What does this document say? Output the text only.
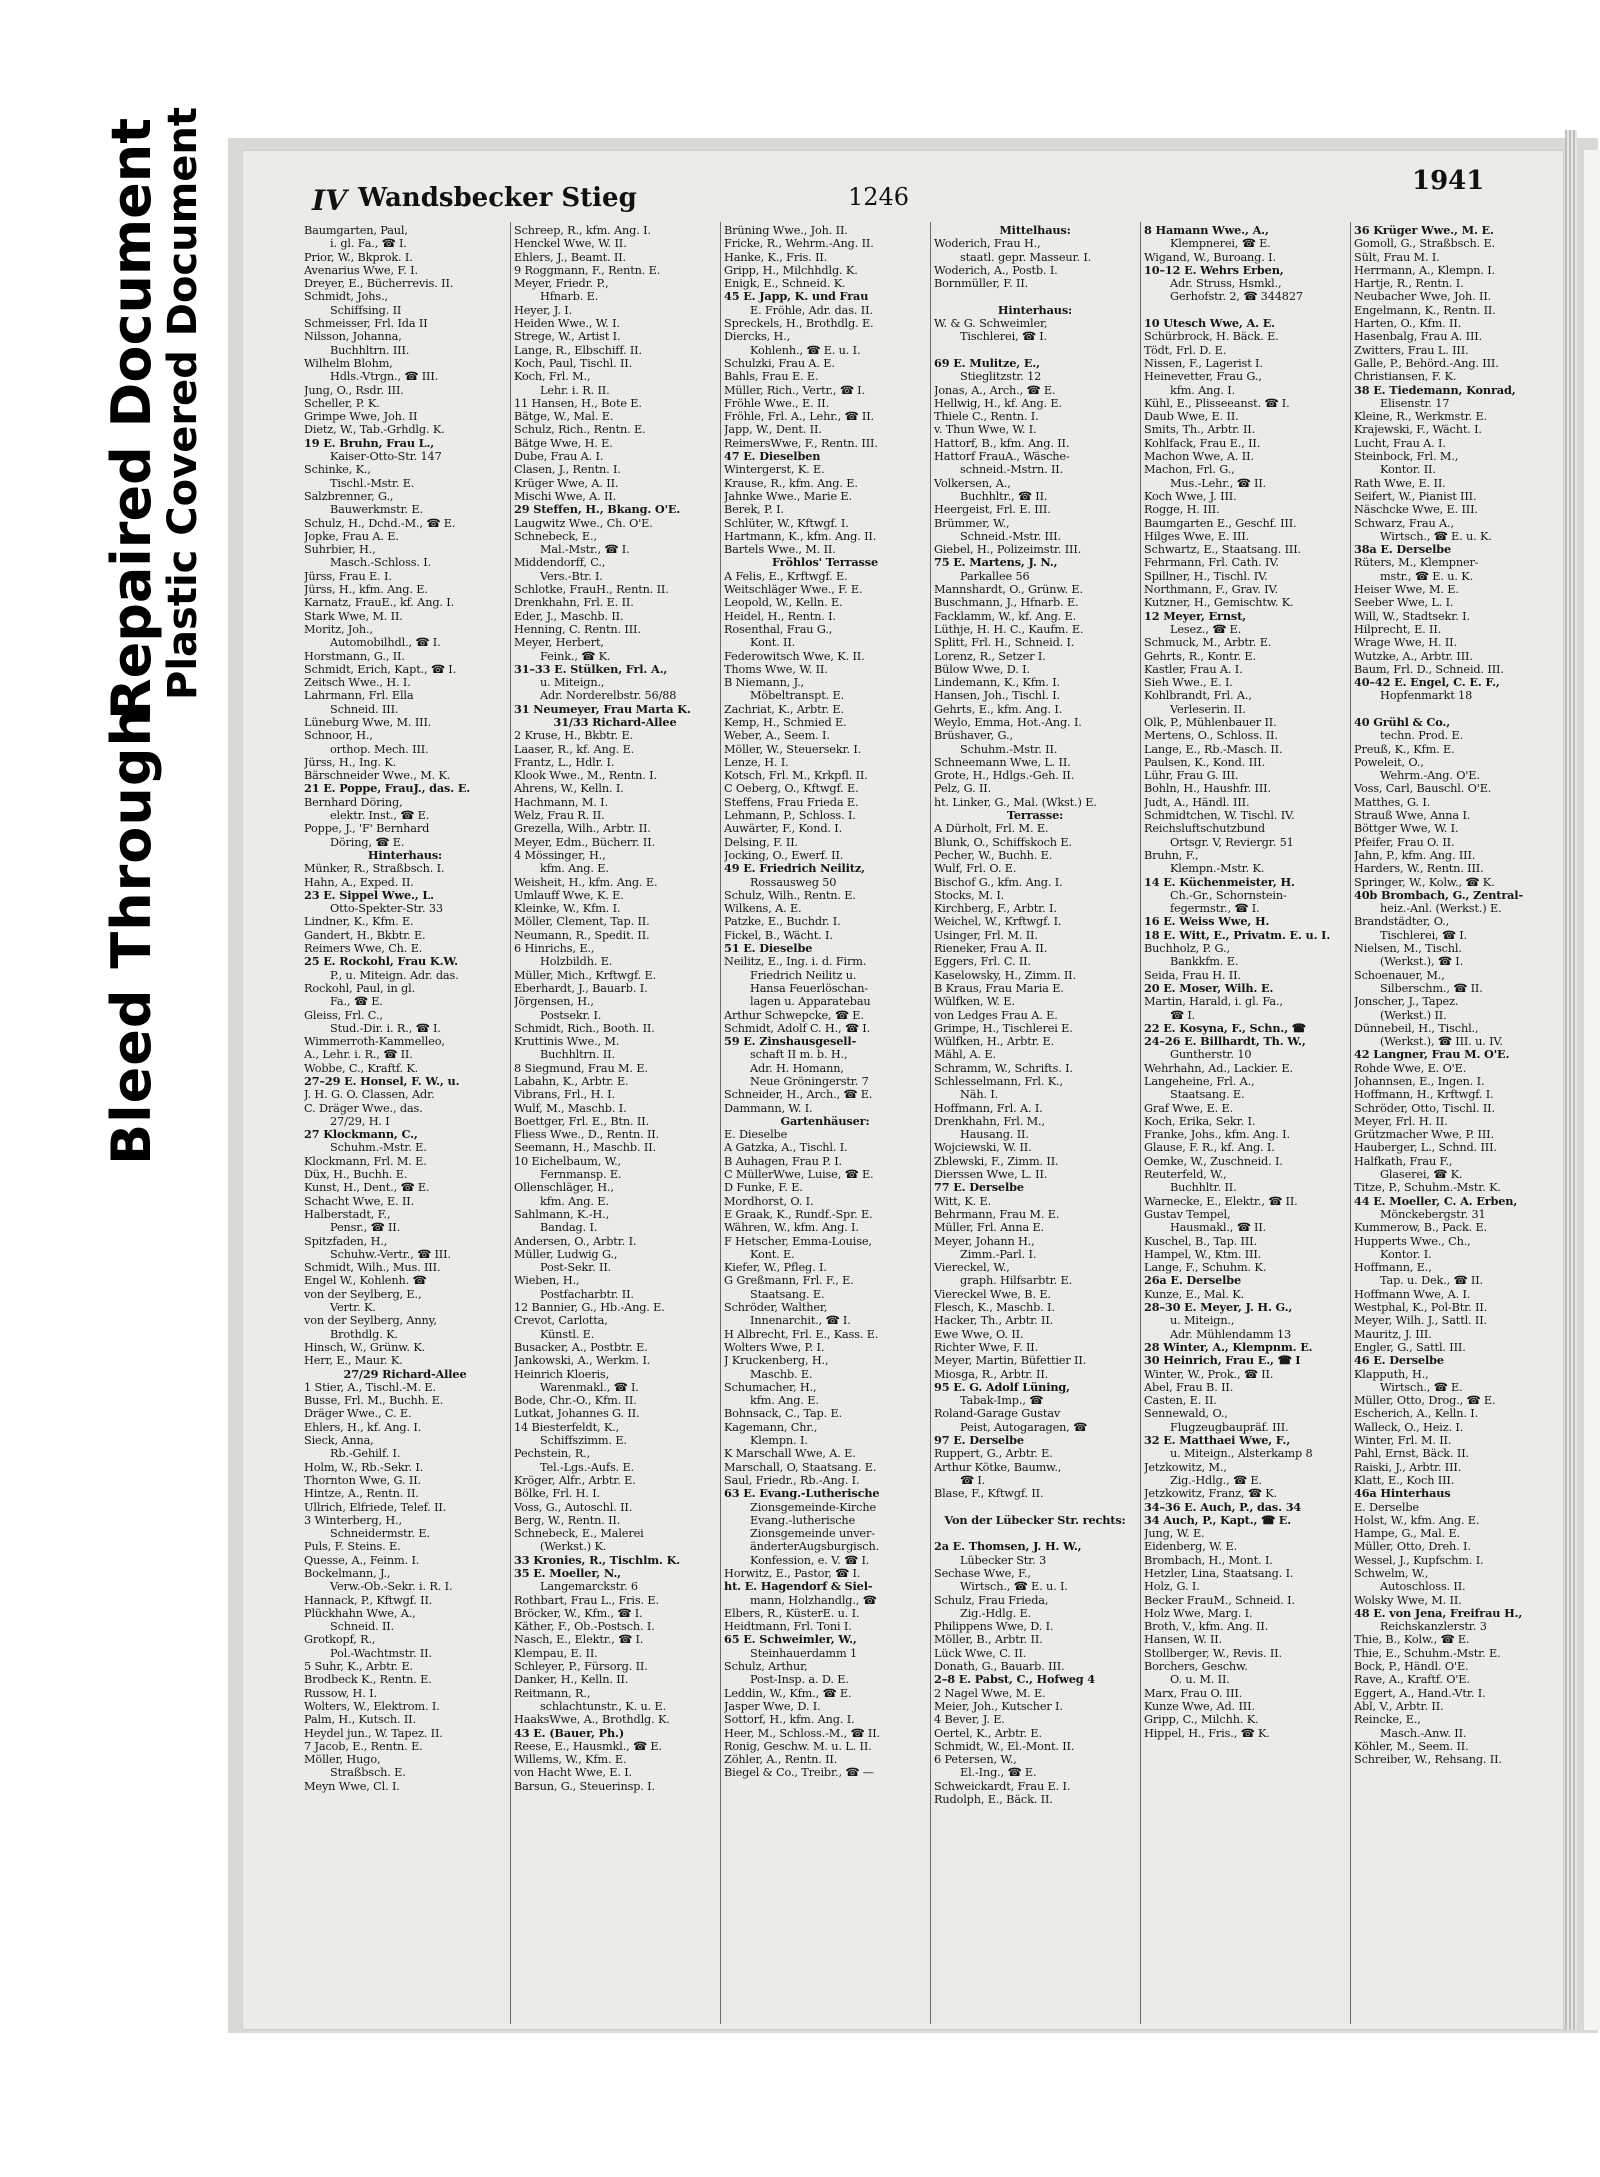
Bleed Through
Repaired Document
Plastic Covered Document	IV Wandsbecker Stieg	1246
1941
Baumgarten, Paul,
i. gl. Fa., ☎ I.
Prior, W., Bkprok. I.
Avenarius Wwe, F. I.
Dreyer, E., Bücherrevis. II.
Schmidt, Johs.,
Schiffsing. II
Schmeisser, Frl. Ida II
Nilsson, Johanna,
Buchhltrn. III.
Wilhelm Blohm,
Hdls.-Vtrgn., ☎ III.
Jung, O., Rsdr. III.
Scheller, P. K.
Grimpe Wwe, Joh. II
Dietz, W., Tab.-Grhdlg. K.
19 E. Bruhn, Frau L.,
Kaiser-Otto-Str. 147
Schinke, K.,
Tischl.-Mstr. E.
Salzbrenner, G.,
Bauwerkmstr. E.
Schulz, H., Dchd.-M., ☎ E.
Jopke, Frau A. E.
Suhrbier, H.,
Masch.-Schloss. I.
Jürss, Frau E. I.
Jürss, H., kfm. Ang. E.
Karnatz, FrauE., kf. Ang. I.
Stark Wwe, M. II.
Moritz, Joh.,
Automobilhdl., ☎ I.
Horstmann, G., II.
Schmidt, Erich, Kapt., ☎ I.
Zeitsch Wwe., H. I.
Lahrmann, Frl. Ella
Schneid. III.
Lüneburg Wwe, M. III.
Schnoor, H.,
orthop. Mech. III.
Jürss, H., Ing. K.
Bärschneider Wwe., M. K.
21 E. Poppe, FrauJ., das. E.
Bernhard Döring,
elektr. Inst., ☎ E.
Poppe, J., 'F' Bernhard
Döring, ☎ E.
Hinterhaus:
Münker, R., Straßbsch. I.
Hahn, A., Exped. II.
23 E. Sippel Wwe., L.
Otto-Spekter-Str. 33
Lindner, K., Kfm. E.
Gandert, H., Bkbtr. E.
Reimers Wwe, Ch. E.
25 E. Rockohl, Frau K.W.
P., u. Miteign. Adr. das.
Rockohl, Paul, in gl.
Fa., ☎ E.
Gleiss, Frl. C.,
Stud.-Dir. i. R., ☎ I.
Wimmerroth-Kammelleo,
A., Lehr. i. R., ☎ II.
Wobbe, C., Kraftf. K.
27–29 E. Honsel, F. W., u.
J. H. G. O. Classen, Adr.
C. Dräger Wwe., das.
27/29, H. I
27 Klockmann, C.,
Schuhm.-Mstr. E.
Klockmann, Frl. M. E.
Düx, H., Buchh. E.
Kunst, H., Dent., ☎ E.
Schacht Wwe, E. II.
Halberstadt, F.,
Pensr., ☎ II.
Spitzfaden, H.,
Schuhw.-Vertr., ☎ III.
Schmidt, Wilh., Mus. III.
Engel W., Kohlenh. ☎
von der Seylberg, E.,
Vertr. K.
von der Seylberg, Anny,
Brothdlg. K.
Hinsch, W., Grünw. K.
Herr, E., Maur. K.
27/29 Richard-Allee
1 Stier, A., Tischl.-M. E.
Busse, Frl. M., Buchh. E.
Dräger Wwe., C. E.
Ehlers, H., kf. Ang. I.
Sieck, Anna,
Rb.-Gehilf. I.
Holm, W., Rb.-Sekr. I.
Thornton Wwe, G. II.
Hintze, A., Rentn. II.
Ullrich, Elfriede, Telef. II.
3 Winterberg, H.,
Schneidermstr. E.
Puls, F. Steins. E.
Quesse, A., Feinm. I.
Bockelmann, J.,
Verw.-Ob.-Sekr. i. R. I.
Hannack, P., Kftwgf. II.
Plückhahn Wwe, A.,
Schneid. II.
Grotkopf, R.,
Pol.-Wachtmstr. II.
5 Suhr, K., Arbtr. E.
Brodbeck K., Rentn. E.
Russow, H. I.
Wolters, W., Elektrom. I.
Palm, H., Kutsch. II.
Heydel jun., W. Tapez. II.
7 Jacob, E., Rentn. E.
Möller, Hugo,
Straßbsch. E.
Meyn Wwe, Cl. I.
Schreep, R., kfm. Ang. I.
Henckel Wwe, W. II.
Ehlers, J., Beamt. II.
9 Roggmann, F., Rentn. E.
Meyer, Friedr. P.,
Hfnarb. E.
Heyer, J. I.
Heiden Wwe., W. I.
Strege, W., Artist I.
Lange, R., Elbschiff. II.
Koch, Paul, Tischl. II.
Koch, Frl. M.,
Lehr. i. R. II.
11 Hansen, H., Bote E.
Bätge, W., Mal. E.
Schulz, Rich., Rentn. E.
Bätge Wwe, H. E.
Dube, Frau A. I.
Clasen, J., Rentn. I.
Krüger Wwe, A. II.
Mischi Wwe, A. II.
29 Steffen, H., Bkang. O'E.
Laugwitz Wwe., Ch. O'E.
Schnebeck, E.,
Mal.-Mstr., ☎ I.
Middendorff, C.,
Vers.-Btr. I.
Schlotke, FrauH., Rentn. II.
Drenkhahn, Frl. E. II.
Eder, J., Maschb. II.
Henning, C. Rentn. III.
Meyer, Herbert,
Feink., ☎ K.
31–33 E. Stülken, Frl. A.,
u. Miteign.,
Adr. Norderelbstr. 56/88
31 Neumeyer, Frau Marta K.
31/33 Richard-Allee
2 Kruse, H., Bkbtr. E.
Laaser, R., kf. Ang. E.
Frantz, L., Hdlr. I.
Klook Wwe., M., Rentn. I.
Ahrens, W., Kelln. I.
Hachmann, M. I.
Welz, Frau R. II.
Grezella, Wilh., Arbtr. II.
Meyer, Edm., Bücherr. II.
4 Mössinger, H.,
kfm. Ang. E.
Weisheit, H., kfm. Ang. E.
Umlauff Wwe, K. E.
Kleinke, W., Kfm. I.
Möller, Clement, Tap. II.
Neumann, R., Spedit. II.
6 Hinrichs, E.,
Holzbildh. E.
Müller, Mich., Krftwgf. E.
Eberhardt, J., Bauarb. I.
Jörgensen, H.,
Postsekr. I.
Schmidt, Rich., Booth. II.
Kruttinis Wwe., M.
Buchhltrn. II.
8 Siegmund, Frau M. E.
Labahn, K., Arbtr. E.
Vibrans, Frl., H. I.
Wulf, M., Maschb. I.
Boettger, Frl. E., Btn. II.
Fliess Wwe., D., Rentn. II.
Seemann, H., Maschb. II.
10 Eichelbaum, W.,
Fernmansp. E.
Ollenschläger, H.,
kfm. Ang. E.
Sahlmann, K.-H.,
Bandag. I.
Andersen, O., Arbtr. I.
Müller, Ludwig G.,
Post-Sekr. II.
Wieben, H.,
Postfacharbtr. II.
12 Bannier, G., Hb.-Ang. E.
Crevot, Carlotta,
Künstl. E.
Busacker, A., Postbtr. E.
Jankowski, A., Werkm. I.
Heinrich Kloeris,
Warenmakl., ☎ I.
Bode, Chr.-O., Kfm. II.
Lutkat, Johannes G. II.
14 Biesterfeldt, K.,
Schiffszimm. E.
Pechstein, R.,
Tel.-Lgs.-Aufs. E.
Kröger, Alfr., Arbtr. E.
Bölke, Frl. H. I.
Voss, G., Autoschl. II.
Berg, W., Rentn. II.
Schnebeck, E., Malerei
(Werkst.) K.
33 Kronies, R., Tischlm. K.
35 E. Moeller, N.,
Langemarckstr. 6
Rothbart, Frau L., Fris. E.
Bröcker, W., Kfm., ☎ I.
Käther, F., Ob.-Postsch. I.
Nasch, E., Elektr., ☎ I.
Klempau, E. II.
Schleyer, P., Fürsorg. II.
Danker, H., Kelln. II.
Reitmann, R.,
schlachtunstr., K. u. E.
HaaksWwe, A., Brothdlg. K.
43 E. (Bauer, Ph.)
Reese, E., Hausmkl., ☎ E.
Willems, W., Kfm. E.
von Hacht Wwe, E. I.
Barsun, G., Steuerinsp. I.
Brüning Wwe., Joh. II.
Fricke, R., Wehrm.-Ang. II.
Hanke, K., Fris. II.
Gripp, H., Milchhdlg. K.
Enigk, E., Schneid. K.
45 E. Japp, K. und Frau
E. Fröhle, Adr. das. II.
Spreckels, H., Brothdlg. E.
Diercks, H.,
Kohlenh., ☎ E. u. I.
Schulzki, Frau A. E.
Bahls, Frau E. E.
Müller, Rich., Vertr., ☎ I.
Fröhle Wwe., E. II.
Fröhle, Frl. A., Lehr., ☎ II.
Japp, W., Dent. II.
ReimersWwe, F., Rentn. III.
47 E. Dieselben
Wintergerst, K. E.
Krause, R., kfm. Ang. E.
Jahnke Wwe., Marie E.
Berek, P. I.
Schlüter, W., Kftwgf. I.
Hartmann, K., kfm. Ang. II.
Bartels Wwe., M. II.
Fröhlos' Terrasse
A Felis, E., Krftwgf. E.
Weitschläger Wwe., F. E.
Leopold, W., Kelln. E.
Heidel, H., Rentn. I.
Rosenthal, Frau G.,
Kont. II.
Federowitsch Wwe, K. II.
Thoms Wwe, W. II.
B Niemann, J.,
Möbeltranspt. E.
Zachriat, K., Arbtr. E.
Kemp, H., Schmied E.
Weber, A., Seem. I.
Möller, W., Steuersekr. I.
Lenze, H. I.
Kotsch, Frl. M., Krkpfl. II.
C Oeberg, O., Kftwgf. E.
Steffens, Frau Frieda E.
Lehmann, P., Schloss. I.
Auwärter, F., Kond. I.
Delsing, F. II.
Jocking, O., Ewerf. II.
49 E. Friedrich Neilitz,
Rossausweg 50
Schulz, Wilh., Rentn. E.
Wilkens, A. E.
Patzke, E., Buchdr. I.
Fickel, B., Wächt. I.
51 E. Dieselbe
Neilitz, E., Ing. i. d. Firm.
Friedrich Neilitz u.
Hansa Feuerlöschan-
lagen u. Apparatebau
Arthur Schwepcke, ☎ E.
Schmidt, Adolf C. H., ☎ I.
59 E. Zinshausgesell-
schaft II m. b. H.,
Adr. H. Homann,
Neue Gröningerstr. 7
Schneider, H., Arch., ☎ E.
Dammann, W. I.
Gartenhäuser:
E. Dieselbe
A Gatzka, A., Tischl. I.
B Auhagen, Frau P. I.
C MüllerWwe, Luise, ☎ E.
D Funke, F. E.
Mordhorst, O. I.
E Graak, K., Rundf.-Spr. E.
Währen, W., kfm. Ang. I.
F Hetscher, Emma-Louise,
Kont. E.
Kiefer, W., Pfleg. I.
G Greßmann, Frl. F., E.
Staatsang. E.
Schröder, Walther,
Innenarchit., ☎ I.
H Albrecht, Frl. E., Kass. E.
Wolters Wwe, P. I.
J Kruckenberg, H.,
Maschb. E.
Schumacher, H.,
kfm. Ang. E.
Bohnsack, C., Tap. E.
Kagemann, Chr.,
Klempn. I.
K Marschall Wwe, A. E.
Marschall, O, Staatsang. E.
Saul, Friedr., Rb.-Ang. I.
63 E. Evang.-Lutherische
Zionsgemeinde-Kirche
Evang.-lutherische
Zionsgemeinde unver-
änderterAugsburgisch.
Konfession, e. V. ☎ I.
Horwitz, E., Pastor, ☎ I.
ht. E. Hagendorf & Siel-
mann, Holzhandlg., ☎
Elbers, R., KüsterE. u. I.
Heidtmann, Frl. Toni I.
65 E. Schweimler, W.,
Steinhauerdamm 1
Schulz, Arthur,
Post-Insp. a. D. E.
Leddin, W., Kfm., ☎ E.
Jasper Wwe, D. I.
Sottorf, H., kfm. Ang. I.
Heer, M., Schloss.-M., ☎ II.
Ronig, Geschw. M. u. L. II.
Zöhler, A., Rentn. II.
Biegel & Co., Treibr., ☎ —
Mittelhaus:
Woderich, Frau H.,
staatl. gepr. Masseur. I.
Woderich, A., Postb. I.
Bornmüller, F. II.
Hinterhaus:
W. & G. Schweimler,
Tischlerei, ☎ I.
69 E. Mulitze, E.,
Stieglitzstr. 12
Jonas, A., Arch., ☎ E.
Hellwig, H., kf. Ang. E.
Thiele C., Rentn. I.
v. Thun Wwe, W. I.
Hattorf, B., kfm. Ang. II.
Hattorf FrauA., Wäsche-
schneid.-Mstrn. II.
Volkersen, A.,
Buchhltr., ☎ II.
Heergeist, Frl. E. III.
Brümmer, W.,
Schneid.-Mstr. III.
Giebel, H., Polizeimstr. III.
75 E. Martens, J. N.,
Parkallee 56
Mannshardt, O., Grünw. E.
Buschmann, J., Hfnarb. E.
Facklamm, W., kf. Ang. E.
Lüthje, H. H. C., Kaufm. E.
Splitt, Frl. H., Schneid. I.
Lorenz, R., Setzer I.
Bülow Wwe, D. I.
Lindemann, K., Kfm. I.
Hansen, Joh., Tischl. I.
Gehrts, E., kfm. Ang. I.
Weylo, Emma, Hot.-Ang. I.
Brüshaver, G.,
Schuhm.-Mstr. II.
Schneemann Wwe, L. II.
Grote, H., Hdlgs.-Geh. II.
Pelz, G. II.
ht. Linker, G., Mal. (Wkst.) E.
Terrasse:
A Dürholt, Frl. M. E.
Blunk, O., Schiffskoch E.
Pecher, W., Buchh. E.
Wulf, Frl. O. E.
Bischof G., kfm. Ang. I.
Stocks, M. I.
Kirchberg, F., Arbtr. I.
Weichel, W., Krftwgf. I.
Usinger, Frl. M. II.
Rieneker, Frau A. II.
Eggers, Frl. C. II.
Kaselowsky, H., Zimm. II.
B Kraus, Frau Maria E.
Wülfken, W. E.
von Ledges Frau A. E.
Grimpe, H., Tischlerei E.
Wülfken, H., Arbtr. E.
Mähl, A. E.
Schramm, W., Schrifts. I.
Schlesselmann, Frl. K.,
Näh. I.
Hoffmann, Frl. A. I.
Drenkhahn, Frl. M.,
Hausang. II.
Wojciewski, W. II.
Zblewski, F., Zimm. II.
Dierssen Wwe, L. II.
77 E. Derselbe
Witt, K. E.
Behrmann, Frau M. E.
Müller, Frl. Anna E.
Meyer, Johann H.,
Zimm.-Parl. I.
Viereckel, W.,
graph. Hilfsarbtr. E.
Viereckel Wwe, B. E.
Flesch, K., Maschb. I.
Hacker, Th., Arbtr. II.
Ewe Wwe, O. II.
Richter Wwe, F. II.
Meyer, Martin, Büfettier II.
Miosga, R., Arbtr. II.
95 E. G. Adolf Lüning,
Tabak-Imp., ☎
Roland-Garage Gustav
Peist, Autogaragen, ☎
97 E. Derselbe
Ruppert, G., Arbtr. E.
Arthur Kötke, Baumw.,
☎ I.
Blase, F., Kftwgf. II.
Von der Lübecker Str. rechts:
2a E. Thomsen, J. H. W.,
Lübecker Str. 3
Sechase Wwe, F.,
Wirtsch., ☎ E. u. I.
Schulz, Frau Frieda,
Zig.-Hdlg. E.
Philippens Wwe, D. I.
Möller, B., Arbtr. II.
Lück Wwe, C. II.
Donath, G., Bauarb. III.
2–8 E. Pabst, C., Hofweg 4
2 Nagel Wwe, M. E.
Meier, Joh., Kutscher I.
4 Bever, J. E.
Oertel, K., Arbtr. E.
Schmidt, W., El.-Mont. II.
6 Petersen, W.,
El.-Ing., ☎ E.
Schweickardt, Frau E. I.
Rudolph, E., Bäck. II.
8 Hamann Wwe., A.,
Klempnerei, ☎ E.
Wigand, W., Buroang. I.
10–12 E. Wehrs Erben,
Adr. Struss, Hsmkl.,
Gerhofstr. 2, ☎ 344827
10 Utesch Wwe, A. E.
Schürbrock, H. Bäck. E.
Tödt, Frl. D. E.
Nissen, F., Lagerist I.
Heinevetter, Frau G.,
kfm. Ang. I.
Kühl, E., Plisseeanst. ☎ I.
Daub Wwe, E. II.
Smits, Th., Arbtr. II.
Kohlfack, Frau E., II.
Machon Wwe, A. II.
Machon, Frl. G.,
Mus.-Lehr., ☎ II.
Koch Wwe, J. III.
Rogge, H. III.
Baumgarten E., Geschf. III.
Hilges Wwe, E. III.
Schwartz, E., Staatsang. III.
Fehrmann, Frl. Cath. IV.
Spillner, H., Tischl. IV.
Northmann, F., Grav. IV.
Kutzner, H., Gemischtw. K.
12 Meyer, Ernst,
Lesez., ☎ E.
Schmuck, M., Arbtr. E.
Gehrts, R., Kontr. E.
Kastler, Frau A. I.
Sieh Wwe., E. I.
Kohlbrandt, Frl. A.,
Verleserin. II.
Olk, P., Mühlenbauer II.
Mertens, O., Schloss. II.
Lange, E., Rb.-Masch. II.
Paulsen, K., Kond. III.
Lühr, Frau G. III.
Bohln, H., Haushfr. III.
Judt, A., Händl. III.
Schmidtchen, W. Tischl. IV.
Reichsluftschutzbund
Ortsgr. V, Reviergr. 51
Bruhn, F.,
Klempn.-Mstr. K.
14 E. Küchenmeister, H.
Ch.-Gr., Schornstein-
fegermstr., ☎ I.
16 E. Weiss Wwe, H.
18 E. Witt, E., Privatm. E. u. I.
Buchholz, P. G.,
Bankkfm. E.
Seida, Frau H. II.
20 E. Moser, Wilh. E.
Martin, Harald, i. gl. Fa.,
☎ I.
22 E. Kosyna, F., Schn., ☎
24–26 E. Billhardt, Th. W.,
Guntherstr. 10
Wehrhahn, Ad., Lackier. E.
Langeheine, Frl. A.,
Staatsang. E.
Graf Wwe, E. E.
Koch, Erika, Sekr. I.
Franke, Johs., kfm. Ang. I.
Glause, F. R., kf. Ang. I.
Oemke, W., Zuschneid. I.
Reuterfeld, W.,
Buchhltr. II.
Warnecke, E., Elektr., ☎ II.
Gustav Tempel,
Hausmakl., ☎ II.
Kuschel, B., Tap. III.
Hampel, W., Ktm. III.
Lange, F., Schuhm. K.
26a E. Derselbe
Kunze, E., Mal. K.
28–30 E. Meyer, J. H. G.,
u. Miteign.,
Adr. Mühlendamm 13
28 Winter, A., Klempnm. E.
30 Heinrich, Frau E., ☎ I
Winter, W., Prok., ☎ II.
Abel, Frau B. II.
Casten, E. II.
Sennewald, O.,
Flugzeugbaupräf. III.
32 E. Matthaei Wwe, F.,
u. Miteign., Alsterkamp 8
Jetzkowitz, M.,
Zig.-Hdlg., ☎ E.
Jetzkowitz, Franz, ☎ K.
34–36 E. Auch, P., das. 34
34 Auch, P., Kapt., ☎ E.
Jung, W. E.
Eidenberg, W. E.
Brombach, H., Mont. I.
Hetzler, Lina, Staatsang. I.
Holz, G. I.
Becker FrauM., Schneid. I.
Holz Wwe, Marg. I.
Broth, V., kfm. Ang. II.
Hansen, W. II.
Stollberger, W., Revis. II.
Borchers, Geschw.
O. u. M. II.
Marx, Frau O. III.
Kunze Wwe, Ad. III.
Gripp, C., Milchh. K.
Hippel, H., Fris., ☎ K.
36 Krüger Wwe., M. E.
Gomoll, G., Straßbsch. E.
Sült, Frau M. I.
Herrmann, A., Klempn. I.
Hartje, R., Rentn. I.
Neubacher Wwe, Joh. II.
Engelmann, K., Rentn. II.
Harten, O., Kfm. II.
Hasenbalg, Frau A. III.
Zwitters, Frau L. III.
Galle, P., Behörd.-Ang. III.
Christiansen, F. K.
38 E. Tiedemann, Konrad,
Elisenstr. 17
Kleine, R., Werkmstr. E.
Krajewski, F., Wächt. I.
Lucht, Frau A. I.
Steinbock, Frl. M.,
Kontor. II.
Rath Wwe, E. II.
Seifert, W., Pianist III.
Näschcke Wwe, E. III.
Schwarz, Frau A.,
Wirtsch., ☎ E. u. K.
38a E. Derselbe
Rüters, M., Klempner-
mstr., ☎ E. u. K.
Heiser Wwe, M. E.
Seeber Wwe, L. I.
Will, W., Stadtsekr. I.
Hilprecht, E. II.
Wrage Wwe, H. II.
Wutzke, A., Arbtr. III.
Baum, Frl. D., Schneid. III.
40–42 E. Engel, C. E. F.,
Hopfenmarkt 18
40 Grühl & Co.,
techn. Prod. E.
Preuß, K., Kfm. E.
Poweleit, O.,
Wehrm.-Ang. O'E.
Voss, Carl, Bauschl. O'E.
Matthes, G. I.
Strauß Wwe, Anna I.
Böttger Wwe, W. I.
Pfeifer, Frau O. II.
Jahn, P., kfm. Ang. III.
Harders, W., Rentn. III.
Springer, W., Kolw., ☎ K.
40b Brombach, G., Zentral-
heiz.-Anl. (Werkst.) E.
Brandstädter, O.,
Tischlerei, ☎ I.
Nielsen, M., Tischl.
(Werkst.), ☎ I.
Schoenauer, M.,
Silberschm., ☎ II.
Jonscher, J., Tapez.
(Werkst.) II.
Dünnebeil, H., Tischl.,
(Werkst.), ☎ III. u. IV.
42 Langner, Frau M. O'E.
Rohde Wwe, E. O'E.
Johannsen, E., Ingen. I.
Hoffmann, H., Krftwgf. I.
Schröder, Otto, Tischl. II.
Meyer, Frl. H. II.
Grützmacher Wwe, P. III.
Hauberger, L., Schnd. III.
Halfkath, Frau F.,
Glaserei, ☎ K.
Titze, P., Schuhm.-Mstr. K.
44 E. Moeller, C. A. Erben,
Mönckebergstr. 31
Kummerow, B., Pack. E.
Hupperts Wwe., Ch.,
Kontor. I.
Hoffmann, E.,
Tap. u. Dek., ☎ II.
Hoffmann Wwe, A. I.
Westphal, K., Pol-Btr. II.
Meyer, Wilh. J., Sattl. II.
Mauritz, J. III.
Engler, G., Sattl. III.
46 E. Derselbe
Klapputh, H.,
Wirtsch., ☎ E.
Müller, Otto, Drog., ☎ E.
Escherich, A., Kelln. I.
Walleck, O., Heiz. I.
Winter, Frl. M. II.
Pahl, Ernst, Bäck. II.
Raiski, J., Arbtr. III.
Klatt, E., Koch III.
46a Hinterhaus
E. Derselbe
Holst, W., kfm. Ang. E.
Hampe, G., Mal. E.
Müller, Otto, Dreh. I.
Wessel, J., Kupfschm. I.
Schwelm, W.,
Autoschloss. II.
Wolsky Wwe, M. II.
48 E. von Jena, Freifrau H.,
Reichskanzlerstr. 3
Thie, B., Kolw., ☎ E.
Thie, E., Schuhm.-Mstr. E.
Bock, P., Händl. O'E.
Rave, A., Kraftf. O'E.
Eggert, A., Hand.-Vtr. I.
Abl, V., Arbtr. II.
Reincke, E.,
Masch.-Anw. II.
Köhler, M., Seem. II.
Schreiber, W., Rehsang. II.
